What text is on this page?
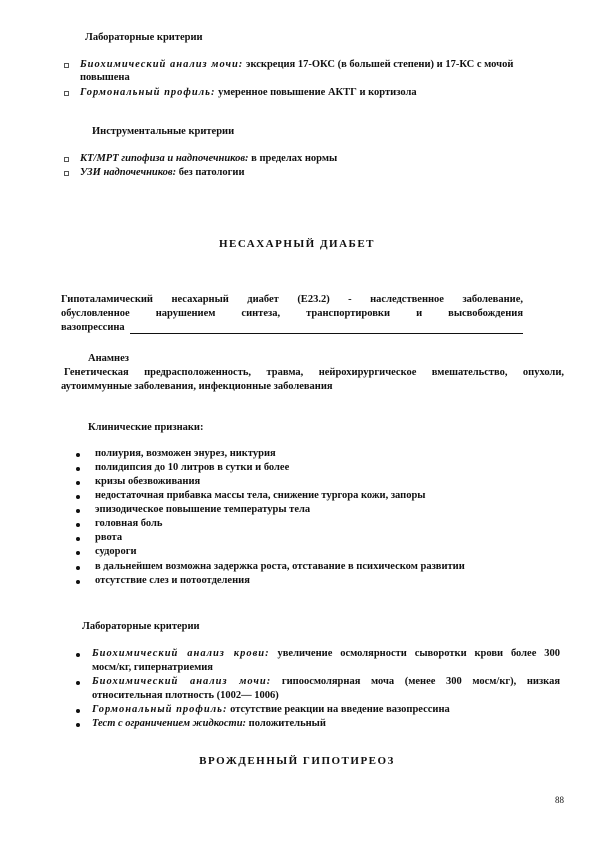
Лабораторные критерии
Биохимический анализ мочи: экскреция 17-ОКС (в большей степени) и 17-КС с мочой
повышена
Гормональный профиль: умеренное повышение АКТГ и кортизола
Инструментальные критерии
КТ/МРТ гипофиза и надпочечников: в пределах нормы
УЗИ надпочечников: без патологии
НЕСАХАРНЫЙ ДИАБЕТ
Гипоталамический несахарный диабет (E23.2) - наследственное заболевание,
обусловленное нарушением синтеза, транспортировки и высвобождения
вазопрессина
Анамнез
Генетическая предрасположенность, травма, нейрохирургическое вмешательство, опухоли,
аутоиммунные заболевания, инфекционные заболевания
Клинические признаки:
полиурия, возможен энурез, никтурия
полидипсия до 10 литров в сутки и более
кризы обезвоживания
недостаточная прибавка массы тела, снижение тургора кожи, запоры
эпизодическое повышение температуры тела
головная боль
рвота
судороги
в дальнейшем возможна задержка роста, отставание в психическом развитии
отсутствие слез и потоотделения
Лабораторные критерии
Биохимический анализ крови: увеличение осмолярности сыворотки крови более 300
мосм/кг, гипернатриемия
Биохимический анализ мочи: гипоосмолярная моча (менее 300 мосм/кг), низкая
относительная плотность (1002— 1006)
Гормональный профиль: отсутствие реакции на введение вазопрессина
Тест с ограничением жидкости: положительный
ВРОЖДЕННЫЙ ГИПОТИРЕОЗ
88
